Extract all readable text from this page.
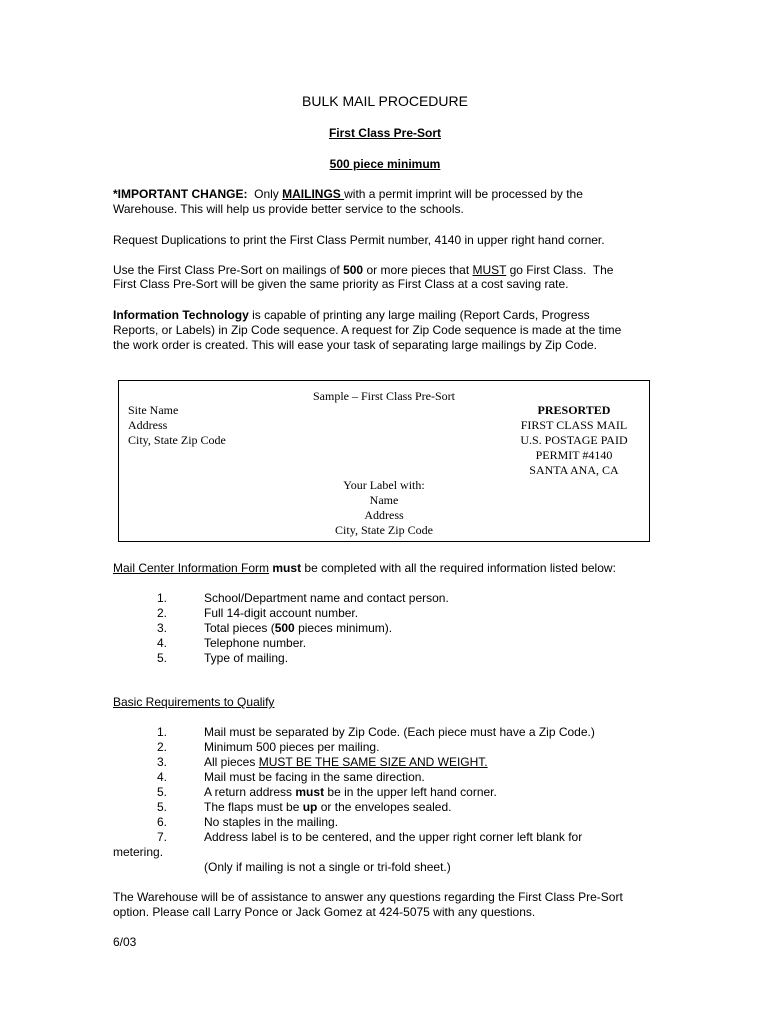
BULK MAIL PROCEDURE
First Class Pre-Sort
500 piece minimum
*IMPORTANT CHANGE:  Only MAILINGS with a permit imprint will be processed by the
Warehouse. This will help us provide better service to the schools.
Request Duplications to print the First Class Permit number, 4140 in upper right hand corner.
Use the First Class Pre-Sort on mailings of 500 or more pieces that MUST go First Class.  The
First Class Pre-Sort will be given the same priority as First Class at a cost saving rate.
Information Technology is capable of printing any large mailing (Report Cards, Progress
Reports, or Labels) in Zip Code sequence. A request for Zip Code sequence is made at the time
the work order is created. This will ease your task of separating large mailings by Zip Code.
Sample – First Class Pre-Sort
Site Name
Address
City, State Zip Code
PRESORTED
FIRST CLASS MAIL
U.S. POSTAGE PAID
PERMIT #4140
SANTA ANA, CA
Your Label with:
Name
Address
City, State Zip Code
Mail Center Information Form must be completed with all the required information listed below:
1.	School/Department name and contact person.
2.	Full 14-digit account number.
3.	Total pieces (500 pieces minimum).
4.	Telephone number.
5.	Type of mailing.
Basic Requirements to Qualify
1.	Mail must be separated by Zip Code. (Each piece must have a Zip Code.)
2.	Minimum 500 pieces per mailing.
3.	All pieces MUST BE THE SAME SIZE AND WEIGHT.
4.	Mail must be facing in the same direction.
5.	A return address must be in the upper left hand corner.
5.	The flaps must be up or the envelopes sealed.
6.	No staples in the mailing.
7.	Address label is to be centered, and the upper right corner left blank for
metering.
(Only if mailing is not a single or tri-fold sheet.)
The Warehouse will be of assistance to answer any questions regarding the First Class Pre-Sort
option. Please call Larry Ponce or Jack Gomez at 424-5075 with any questions.
6/03
